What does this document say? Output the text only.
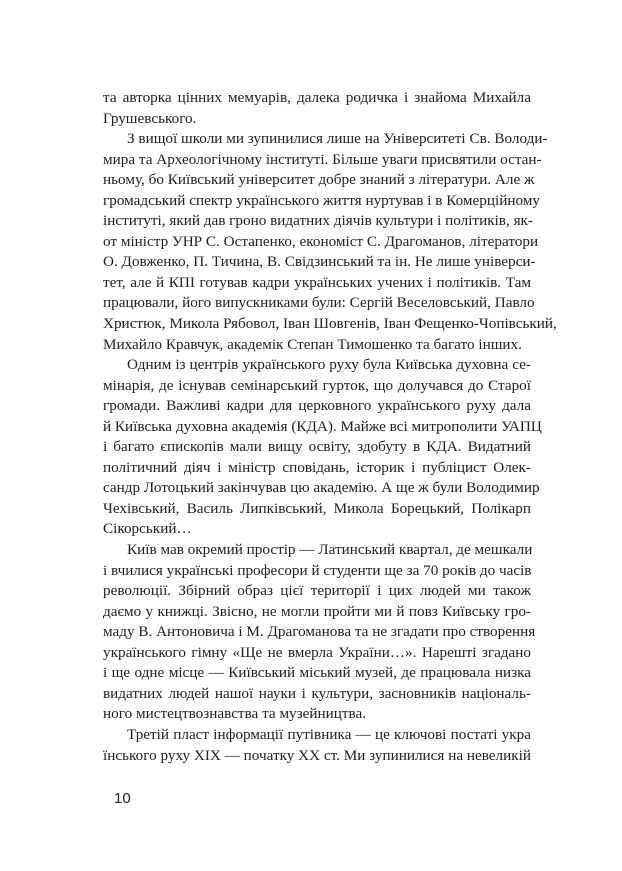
та авторка цінних мемуарів, далека родичка і знайома Михайла
Грушевського.
З вищої школи ми зупинилися лише на Університеті Св. Володи-
мира та Археологічному інституті. Більше уваги присвятили остан-
ньому, бо Київський університет добре знаний з літератури. Але ж
громадський спектр українського життя нуртував і в Комерційному
інституті, який дав гроно видатних діячів культури і політиків, як-
от міністр УНР С. Остапенко, економіст С. Драгоманов, літератори
О. Довженко, П. Тичина, В. Свідзинський та ін. Не лише універси-
тет, але й КПІ готував кадри українських учених і політиків. Там
працювали, його випускниками були: Сергій Веселовський, Павло
Христюк, Микола Рябовол, Іван Шовгенів, Іван Фещенко-Чопівський,
Михайло Кравчук, академік Степан Тимошенко та багато інших.
Одним із центрів українського руху була Київська духовна се-
мінарія, де існував семінарський гурток, що долучався до Старої
громади. Важливі кадри для церковного українського руху дала
й Київська духовна академія (КДА). Майже всі митрополити УАПЦ
і багато єпископів мали вищу освіту, здобуту в КДА. Видатний
політичний діяч і міністр сповідань, історик і публіцист Олек-
сандр Лотоцький закінчував цю академію. А ще ж були Володимир
Чехівський, Василь Липківський, Микола Борецький, Полікарп
Сікорський…
Київ мав окремий простір — Латинський квартал, де мешкали
і вчилися українські професори й студенти ще за 70 років до часів
революції. Збірний образ цієї території і цих людей ми також
даємо у книжці. Звісно, не могли пройти ми й повз Київську гро-
маду В. Антоновича і М. Драгоманова та не згадати про створення
українського гімну «Ще не вмерла України…». Нарешті згадано
і ще одне місце — Київський міський музей, де працювала низка
видатних людей нашої науки і культури, засновників національ-
ного мистецтвознавства та музейництва.
Третій пласт інформації путівника — це ключові постаті укра
їнського руху XIX — початку XX ст. Ми зупинилися на невеликій
10
